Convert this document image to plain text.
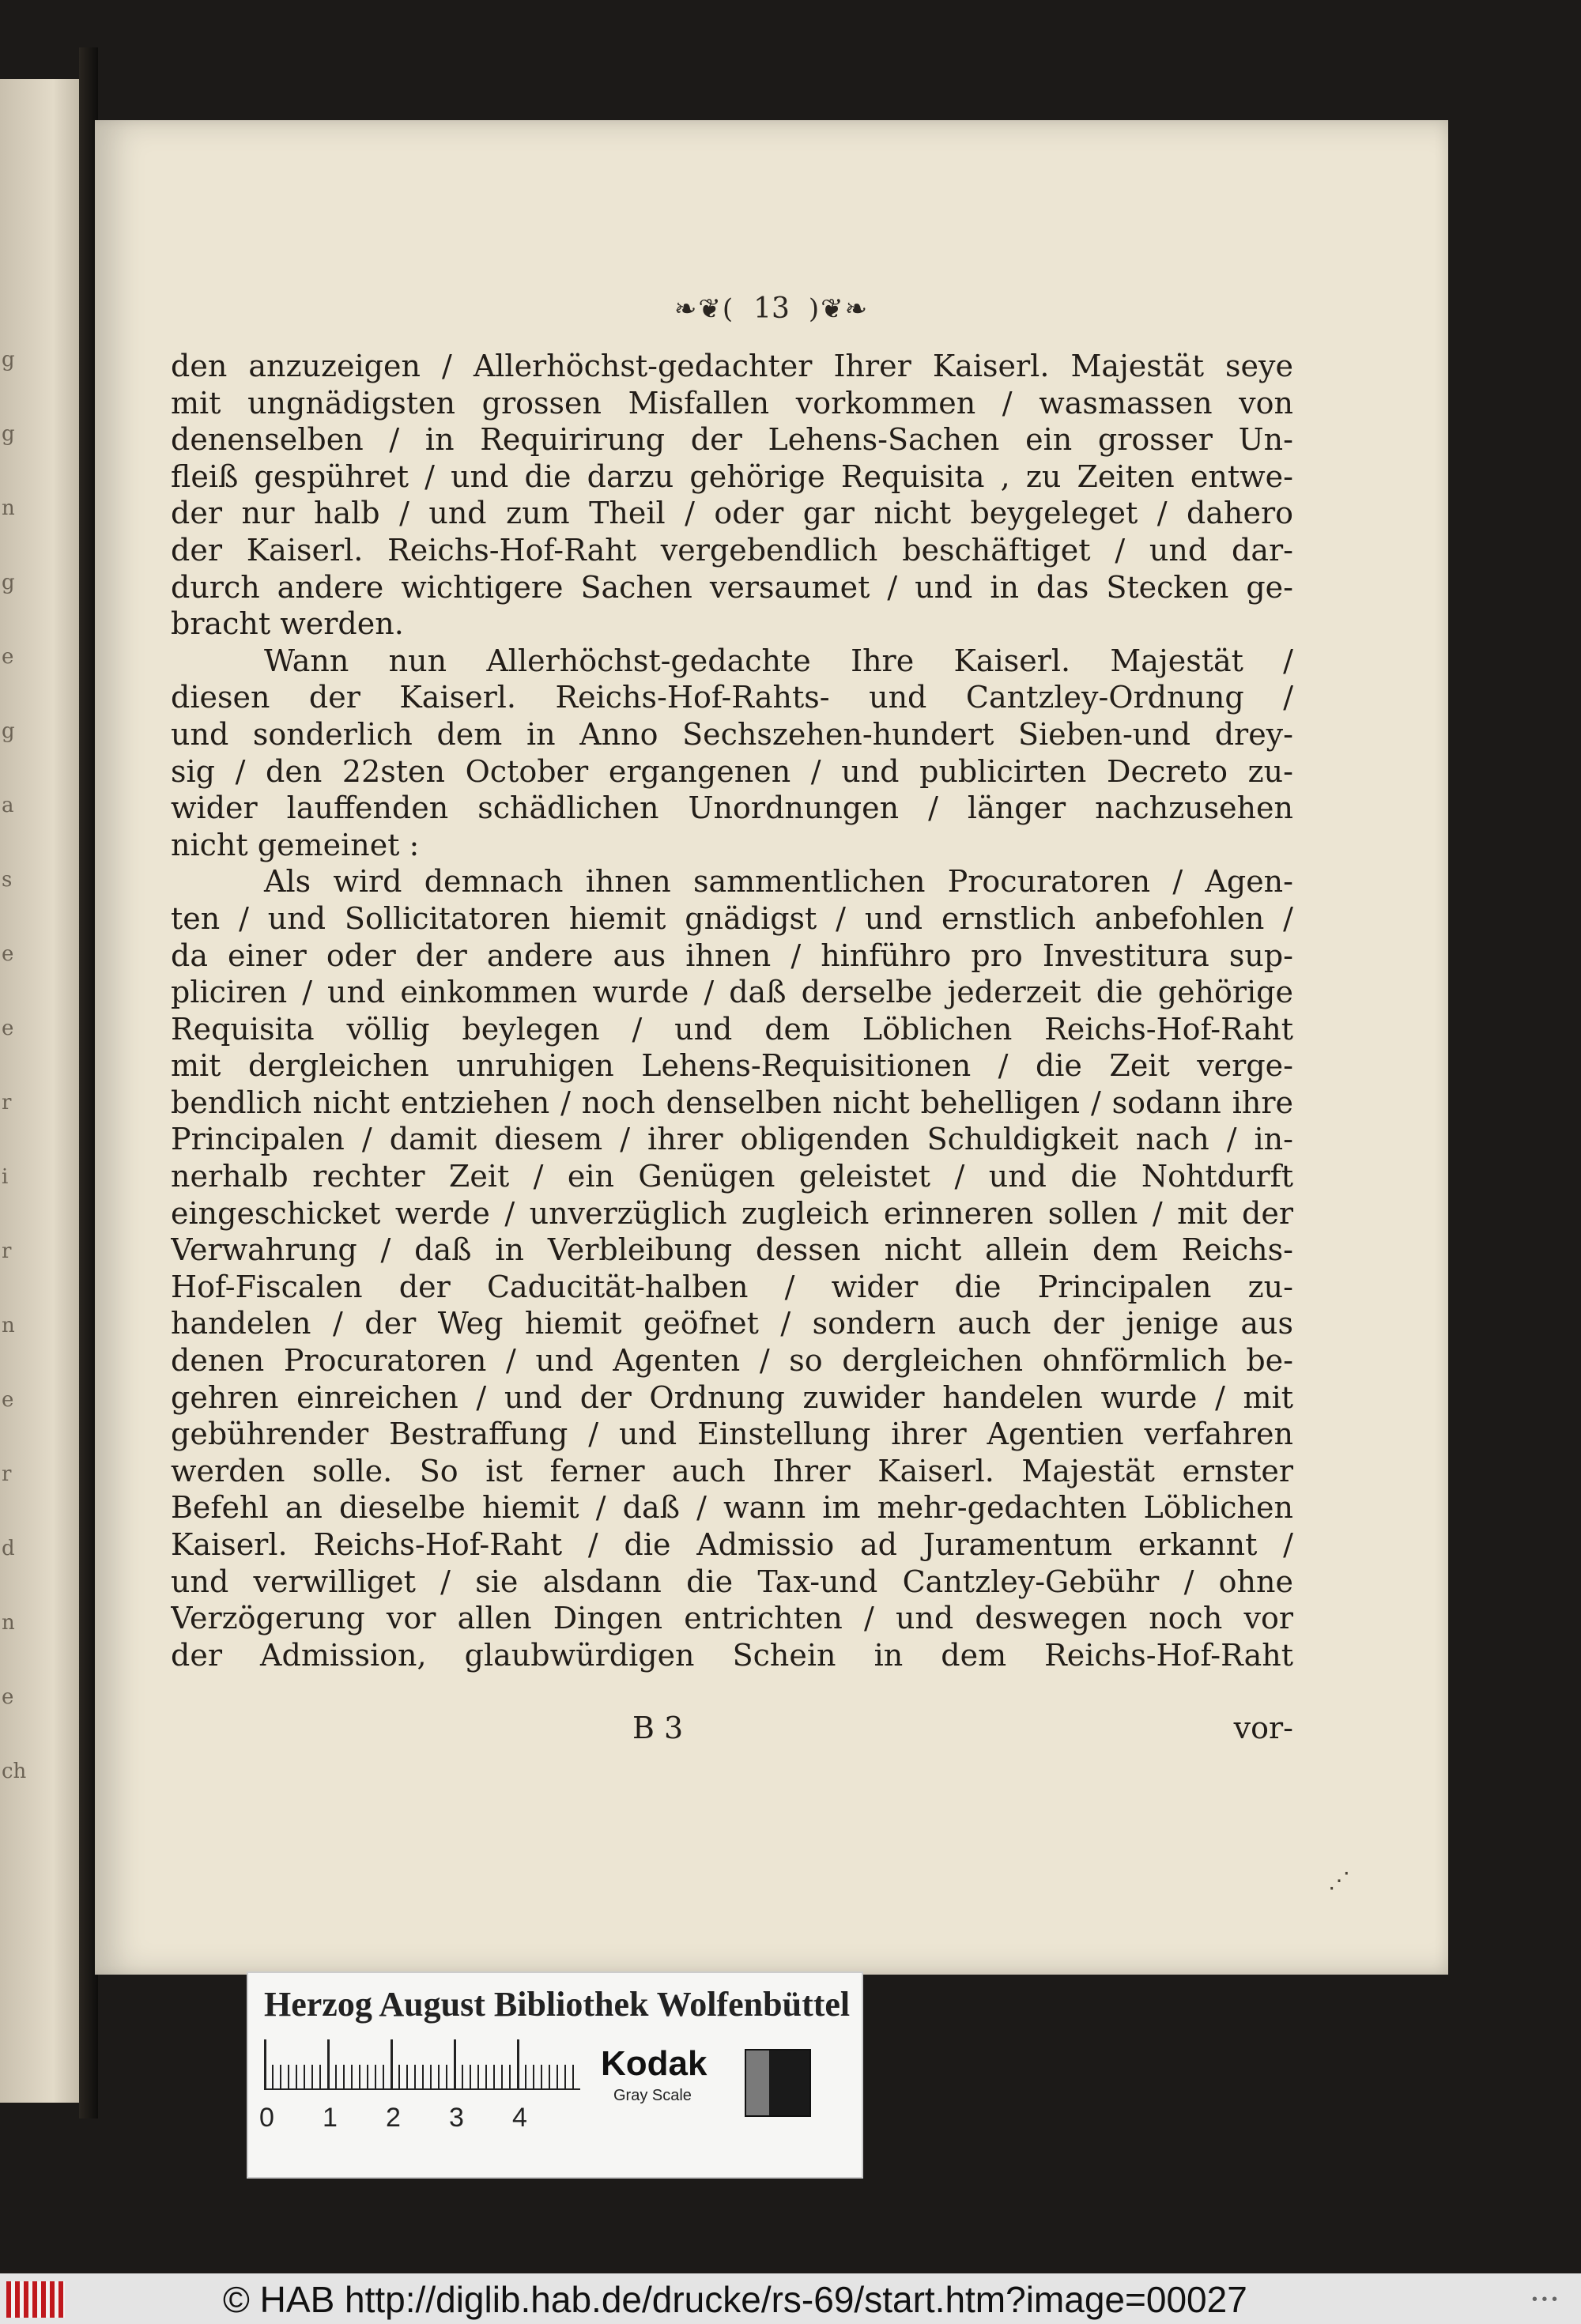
g
g
n
g
e
g
a
s
e
e
r
i
r
n
e
r
d
n
e
ch
❧❦( 13 )❦❧
den anzuzeigen / Allerhöchst-gedachter Ihrer Kaiserl. Majestät seye
mit ungnädigsten grossen Misfallen vorkommen / wasmassen von
denenselben / in Requirirung der Lehens-Sachen ein grosser Un-
fleiß gespühret / und die darzu gehörige Requisita , zu Zeiten entwe-
der nur halb / und zum Theil / oder gar nicht beygeleget / dahero
der Kaiserl. Reichs-Hof-Raht vergebendlich beschäftiget / und dar-
durch andere wichtigere Sachen versaumet / und in das Stecken ge-
bracht werden.
Wann nun Allerhöchst-gedachte Ihre Kaiserl. Majestät /
diesen der Kaiserl. Reichs-Hof-Rahts- und Cantzley-Ordnung /
und sonderlich dem in Anno Sechszehen-hundert Sieben-und drey-
sig / den 22sten October ergangenen / und publicirten Decreto zu-
wider lauffenden schädlichen Unordnungen / länger nachzusehen
nicht gemeinet :
Als wird demnach ihnen sammentlichen Procuratoren / Agen-
ten / und Sollicitatoren hiemit gnädigst / und ernstlich anbefohlen /
da einer oder der andere aus ihnen / hinführo pro Investitura sup-
pliciren / und einkommen wurde / daß derselbe jederzeit die gehörige
Requisita völlig beylegen / und dem Löblichen Reichs-Hof-Raht
mit dergleichen unruhigen Lehens-Requisitionen / die Zeit verge-
bendlich nicht entziehen / noch denselben nicht behelligen / sodann ihre
Principalen / damit diesem / ihrer obligenden Schuldigkeit nach / in-
nerhalb rechter Zeit / ein Genügen geleistet / und die Nohtdurft
eingeschicket werde / unverzüglich zugleich erinneren sollen / mit der
Verwahrung / daß in Verbleibung dessen nicht allein dem Reichs-
Hof-Fiscalen der Caducität-halben / wider die Principalen zu-
handelen / der Weg hiemit geöfnet / sondern auch der jenige aus
denen Procuratoren / und Agenten / so dergleichen ohnförmlich be-
gehren einreichen / und der Ordnung zuwider handelen wurde / mit
gebührender Bestraffung / und Einstellung ihrer Agentien verfahren
werden solle. So ist ferner auch Ihrer Kaiserl. Majestät ernster
Befehl an dieselbe hiemit / daß / wann im mehr-gedachten Löblichen
Kaiserl. Reichs-Hof-Raht / die Admissio ad Juramentum erkannt /
und verwilliget / sie alsdann die Tax-und Cantzley-Gebühr / ohne
Verzögerung vor allen Dingen entrichten / und deswegen noch vor
der Admission, glaubwürdigen Schein in dem Reichs-Hof-Raht
B 3	vor-
⋰
Herzog August Bibliothek Wolfenbüttel
0 1 2 3 4
Kodak
Gray Scale
© HAB http://diglib.hab.de/drucke/rs-69/start.htm?image=00027	• • •
